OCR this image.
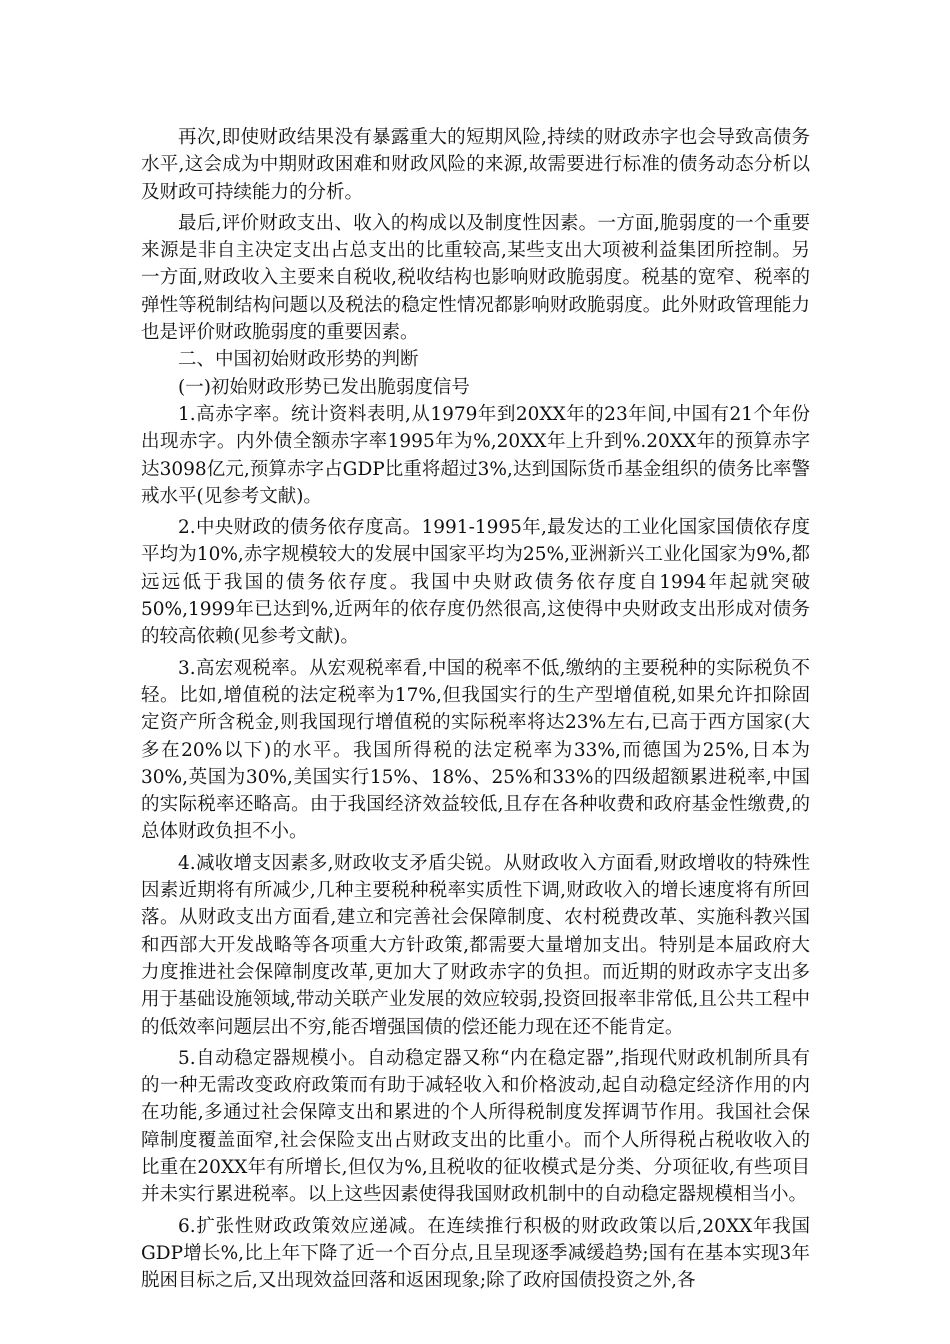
再次,即使财政结果没有暴露重大的短期风险,持续的财政赤字也会导致高债务水平,这会成为中期财政困难和财政风险的来源,故需要进行标准的债务动态分析以及财政可持续能力的分析。

最后,评价财政支出、收入的构成以及制度性因素。一方面,脆弱度的一个重要来源是非自主决定支出占总支出的比重较高,某些支出大项被利益集团所控制。另一方面,财政收入主要来自税收,税收结构也影响财政脆弱度。税基的宽窄、税率的弹性等税制结构问题以及税法的稳定性情况都影响财政脆弱度。此外财政管理能力也是评价财政脆弱度的重要因素。

二、中国初始财政形势的判断

(一)初始财政形势已发出脆弱度信号

1.高赤字率。统计资料表明,从1979年到20XX年的23年间,中国有21个年份出现赤字。内外债全额赤字率1995年为%,20XX年上升到%.20XX年的预算赤字达3098亿元,预算赤字占GDP比重将超过3%,达到国际货币基金组织的债务比率警戒水平(见参考文献)。

2.中央财政的债务依存度高。1991-1995年,最发达的工业化国家国债依存度平均为10%,赤字规模较大的发展中国家平均为25%,亚洲新兴工业化国家为9%,都远远低于我国的债务依存度。我国中央财政债务依存度自1994年起就突破50%,1999年已达到%,近两年的依存度仍然很高,这使得中央财政支出形成对债务的较高依赖(见参考文献)。

3.高宏观税率。从宏观税率看,中国的税率不低,缴纳的主要税种的实际税负不轻。比如,增值税的法定税率为17%,但我国实行的生产型增值税,如果允许扣除固定资产所含税金,则我国现行增值税的实际税率将达23%左右,已高于西方国家(大多在20%以下)的水平。我国所得税的法定税率为33%,而德国为25%,日本为30%,英国为30%,美国实行15%、18%、25%和33%的四级超额累进税率,中国的实际税率还略高。由于我国经济效益较低,且存在各种收费和政府基金性缴费,的总体财政负担不小。

4.减收增支因素多,财政收支矛盾尖锐。从财政收入方面看,财政增收的特殊性因素近期将有所减少,几种主要税种税率实质性下调,财政收入的增长速度将有所回落。从财政支出方面看,建立和完善社会保障制度、农村税费改革、实施科教兴国和西部大开发战略等各项重大方针政策,都需要大量增加支出。特别是本届政府大力度推进社会保障制度改革,更加大了财政赤字的负担。而近期的财政赤字支出多用于基础设施领域,带动关联产业发展的效应较弱,投资回报率非常低,且公共工程中的低效率问题层出不穷,能否增强国债的偿还能力现在还不能肯定。

5.自动稳定器规模小。自动稳定器又称“内在稳定器”,指现代财政机制所具有的一种无需改变政府政策而有助于减轻收入和价格波动,起自动稳定经济作用的内在功能,多通过社会保障支出和累进的个人所得税制度发挥调节作用。我国社会保障制度覆盖面窄,社会保险支出占财政支出的比重小。而个人所得税占税收收入的比重在20XX年有所增长,但仅为%,且税收的征收模式是分类、分项征收,有些项目并未实行累进税率。以上这些因素使得我国财政机制中的自动稳定器规模相当小。

6.扩张性财政政策效应递减。在连续推行积极的财政政策以后,20XX年我国GDP增长%,比上年下降了近一个百分点,且呈现逐季减缓趋势;国有在基本实现3年脱困目标之后,又出现效益回落和返困现象;除了政府国债投资之外,各
